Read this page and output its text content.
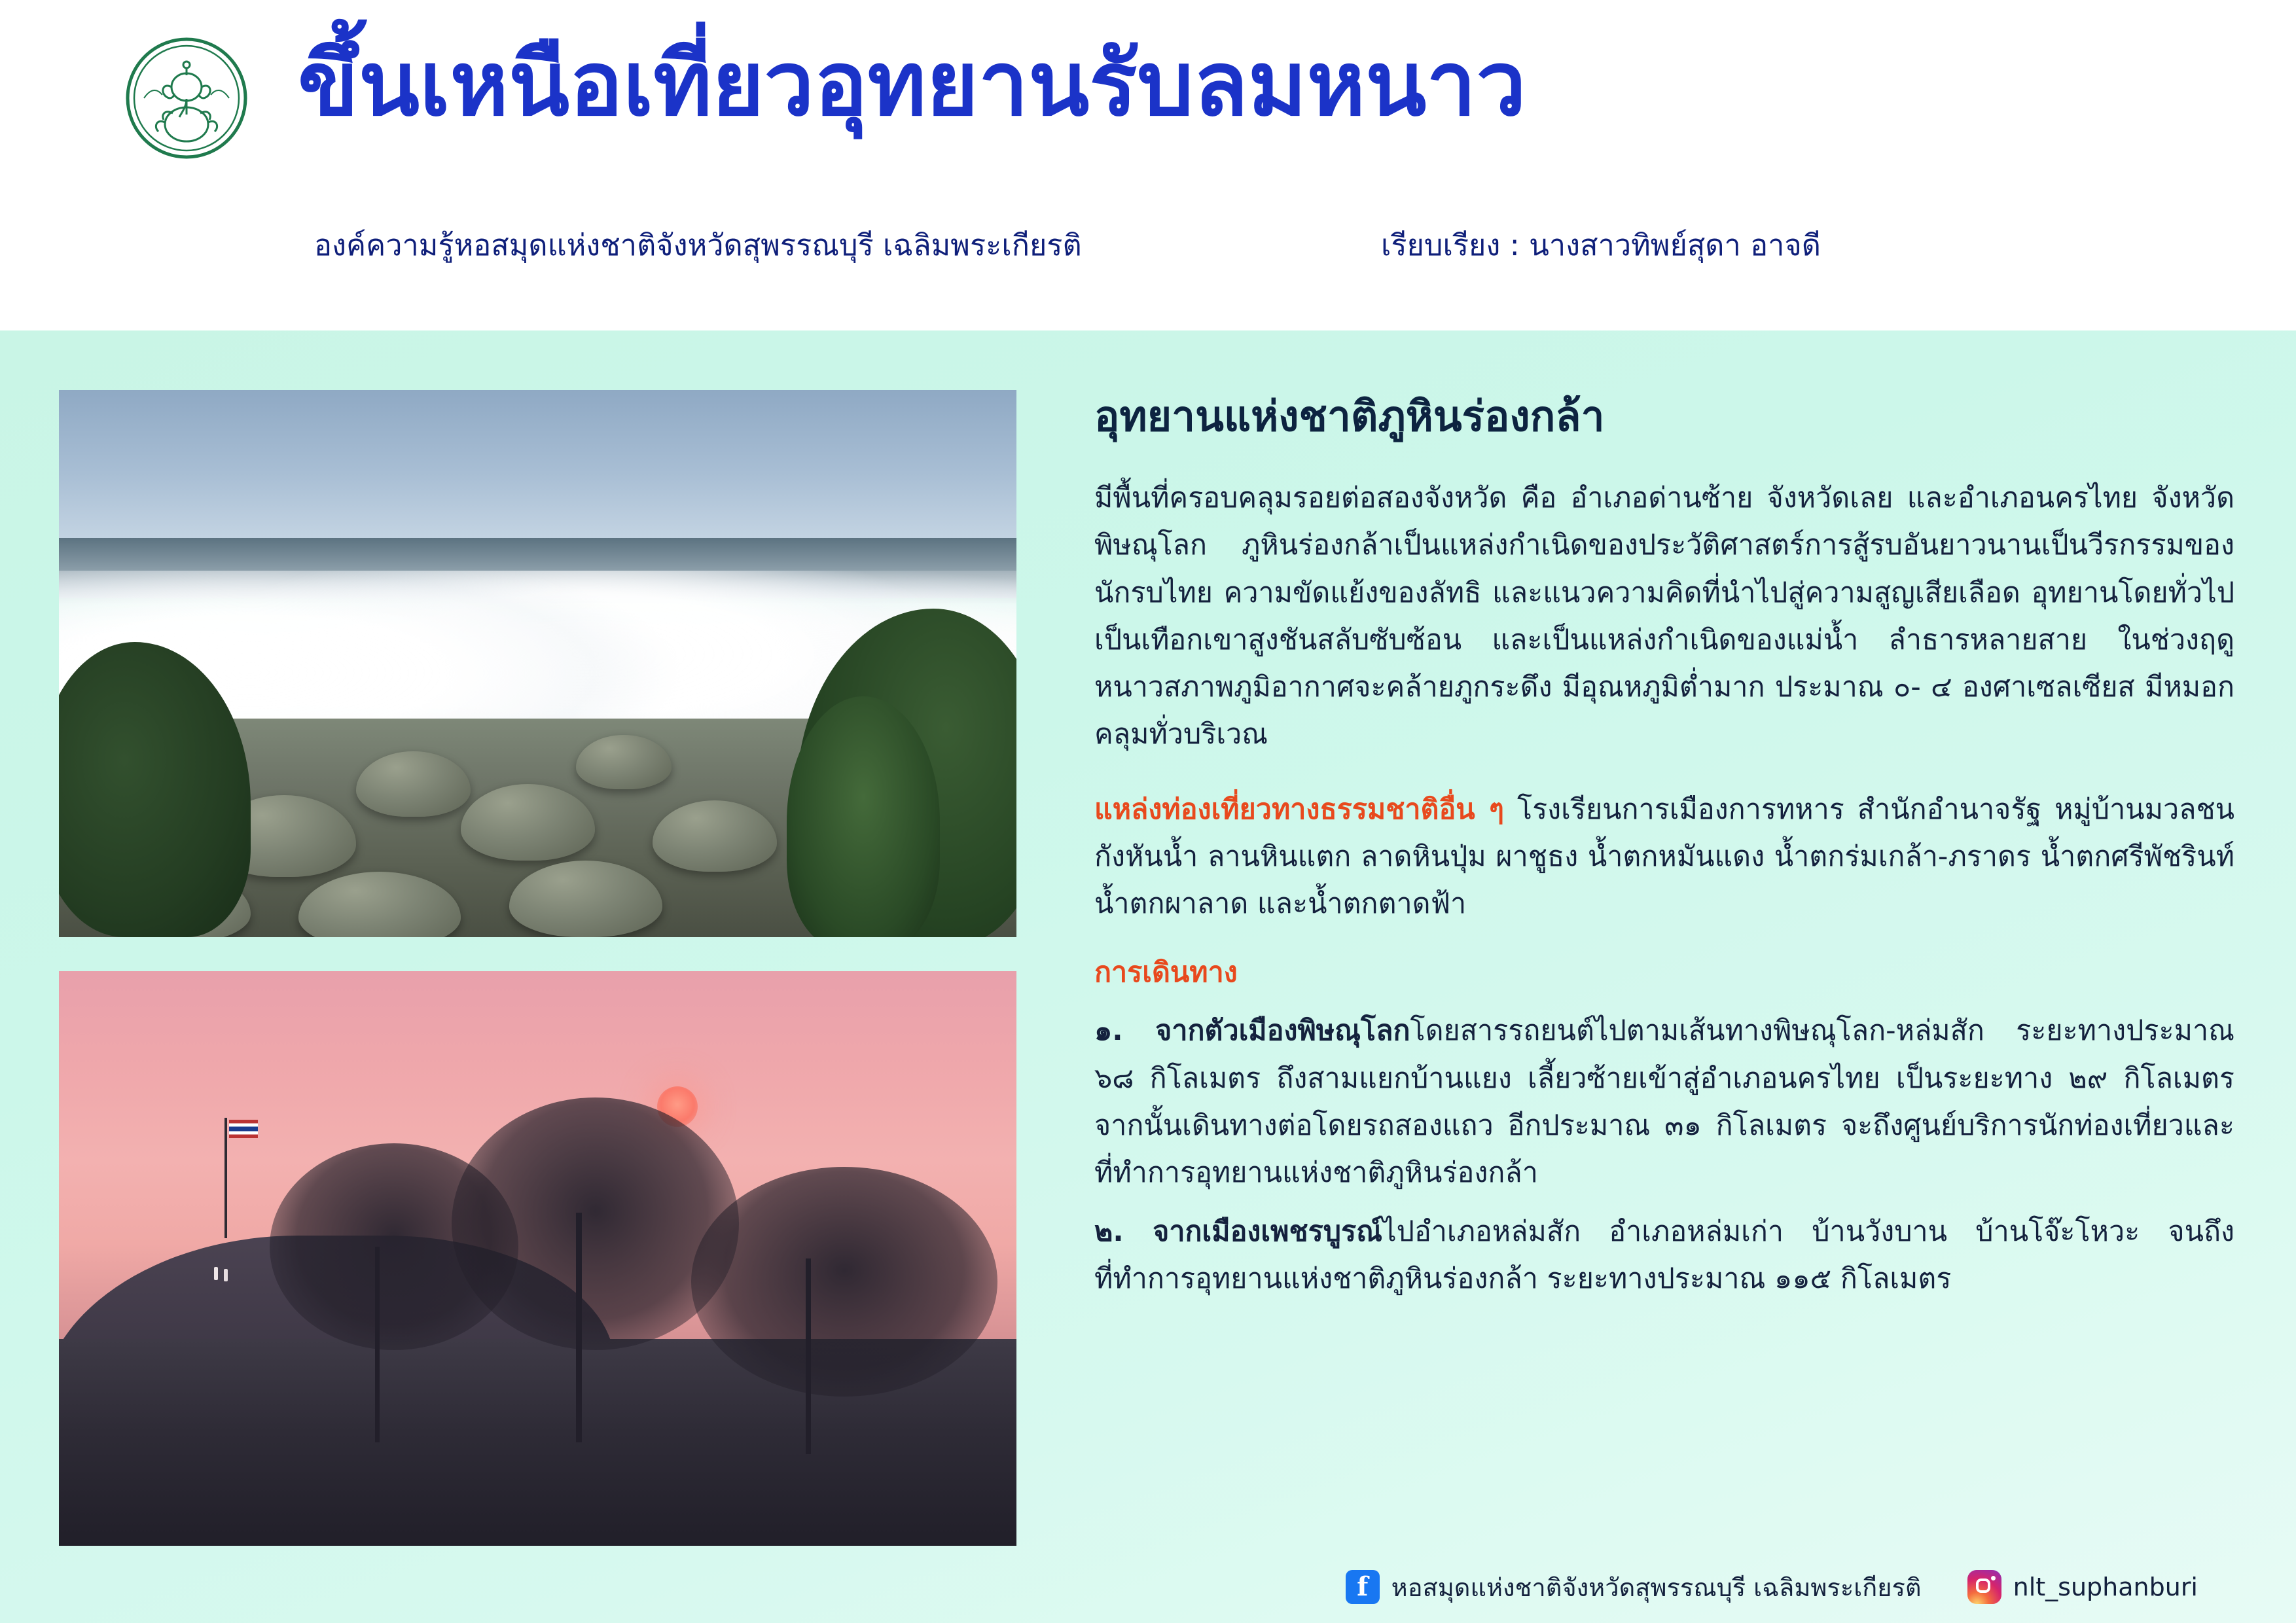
ขึ้นเหนือเที่ยวอุทยานรับลมหนาว
องค์ความรู้หอสมุดแห่งชาติจังหวัดสุพรรณบุรี เฉลิมพระเกียรติ	เรียบเรียง : นางสาวทิพย์สุดา อาจดี
อุทยานแห่งชาติภูหินร่องกล้า

มีพื้นที่ครอบคลุมรอยต่อสองจังหวัด คือ อำเภอด่านซ้าย จังหวัดเลย และอำเภอนครไทย จังหวัดพิษณุโลก ภูหินร่องกล้าเป็นแหล่งกำเนิดของประวัติศาสตร์การสู้รบอันยาวนานเป็นวีรกรรมของนักรบไทย ความขัดแย้งของลัทธิ และแนวความคิดที่นำไปสู่ความสูญเสียเลือด อุทยานโดยทั่วไปเป็นเทือกเขาสูงชันสลับซับซ้อน และเป็นแหล่งกำเนิดของแม่น้ำ ลำธารหลายสาย ในช่วงฤดูหนาวสภาพภูมิอากาศจะคล้ายภูกระดึง มีอุณหภูมิต่ำมาก ประมาณ ๐- ๔ องศาเซลเซียส มีหมอกคลุมทั่วบริเวณ

แหล่งท่องเที่ยวทางธรรมชาติอื่น ๆ โรงเรียนการเมืองการทหาร สำนักอำนาจรัฐ หมู่บ้านมวลชน กังหันน้ำ ลานหินแตก ลาดหินปุ่ม ผาชูธง น้ำตกหมันแดง น้ำตกร่มเกล้า-ภราดร น้ำตกศรีพัชรินท์ น้ำตกผาลาด และน้ำตกตาดฟ้า

การเดินทาง

๑. จากตัวเมืองพิษณุโลกโดยสารรถยนต์ไปตามเส้นทางพิษณุโลก-หล่มสัก ระยะทางประมาณ ๖๘ กิโลเมตร ถึงสามแยกบ้านแยง เลี้ยวซ้ายเข้าสู่อำเภอนครไทย เป็นระยะทาง ๒๙ กิโลเมตร จากนั้นเดินทางต่อโดยรถสองแถว อีกประมาณ ๓๑ กิโลเมตร จะถึงศูนย์บริการนักท่องเที่ยวและที่ทำการอุทยานแห่งชาติภูหินร่องกล้า

๒. จากเมืองเพชรบูรณ์ไปอำเภอหล่มสัก อำเภอหล่มเก่า บ้านวังบาน บ้านโจ๊ะโหวะ จนถึงที่ทำการอุทยานแห่งชาติภูหินร่องกล้า ระยะทางประมาณ ๑๑๕ กิโลเมตร

f
หอสมุดแห่งชาติจังหวัดสุพรรณบุรี เฉลิมพระเกียรติ	nlt_suphanburi
